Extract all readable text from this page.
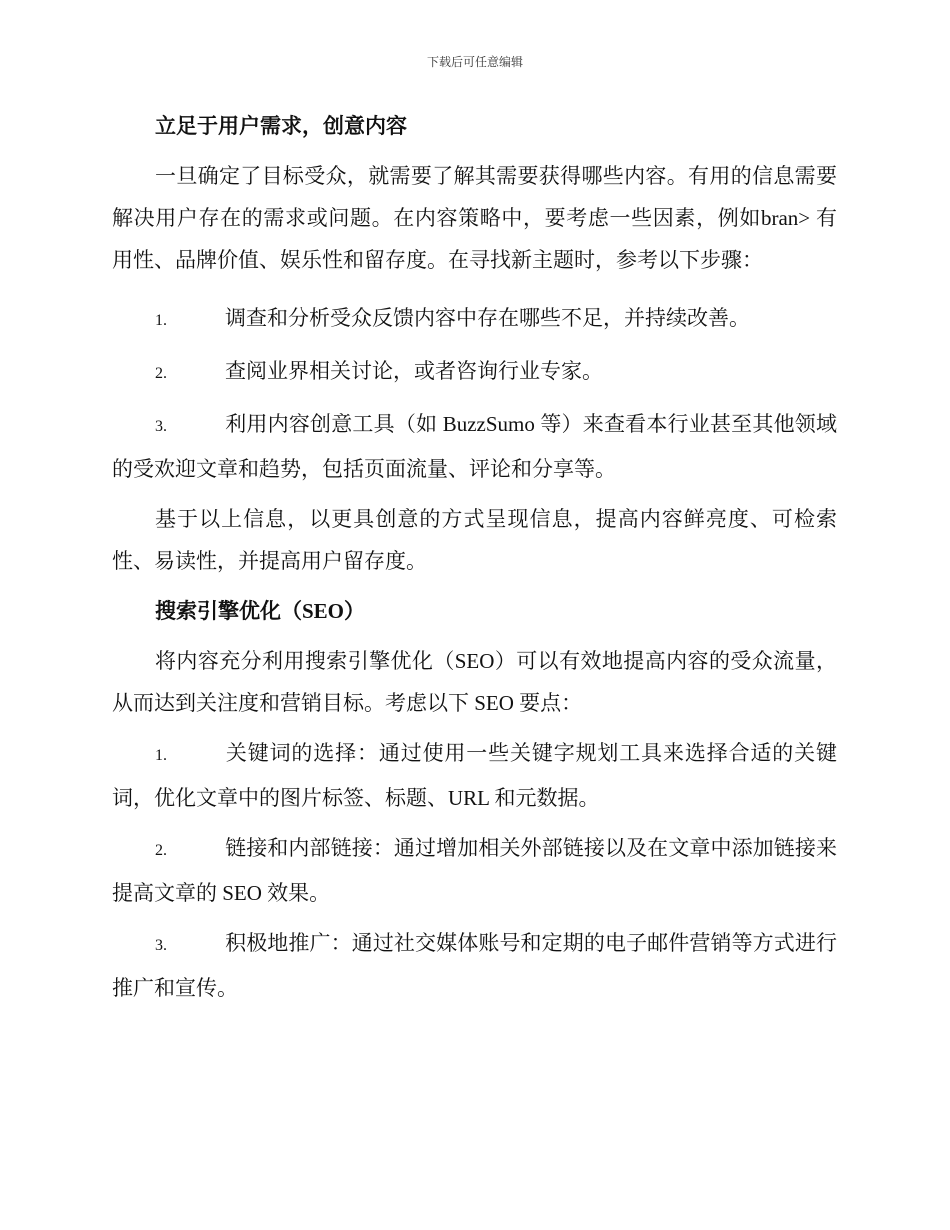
下载后可任意编辑
立足于用户需求，创意内容
一旦确定了目标受众，就需要了解其需要获得哪些内容。有用的信息需要解决用户存在的需求或问题。在内容策略中，要考虑一些因素，例如bran> 有用性、品牌价值、娱乐性和留存度。在寻找新主题时，参考以下步骤：
1.	调查和分析受众反馈内容中存在哪些不足，并持续改善。
2.	查阅业界相关讨论，或者咨询行业专家。
3.	利用内容创意工具（如 BuzzSumo 等）来查看本行业甚至其他领域的受欢迎文章和趋势，包括页面流量、评论和分享等。
基于以上信息，以更具创意的方式呈现信息，提高内容鲜亮度、可检索性、易读性，并提高用户留存度。
搜索引擎优化（SEO）
将内容充分利用搜索引擎优化（SEO）可以有效地提高内容的受众流量，从而达到关注度和营销目标。考虑以下 SEO 要点：
1.	关键词的选择：通过使用一些关键字规划工具来选择合适的关键词，优化文章中的图片标签、标题、URL 和元数据。
2.	链接和内部链接：通过增加相关外部链接以及在文章中添加链接来提高文章的 SEO 效果。
3.	积极地推广：通过社交媒体账号和定期的电子邮件营销等方式进行推广和宣传。
